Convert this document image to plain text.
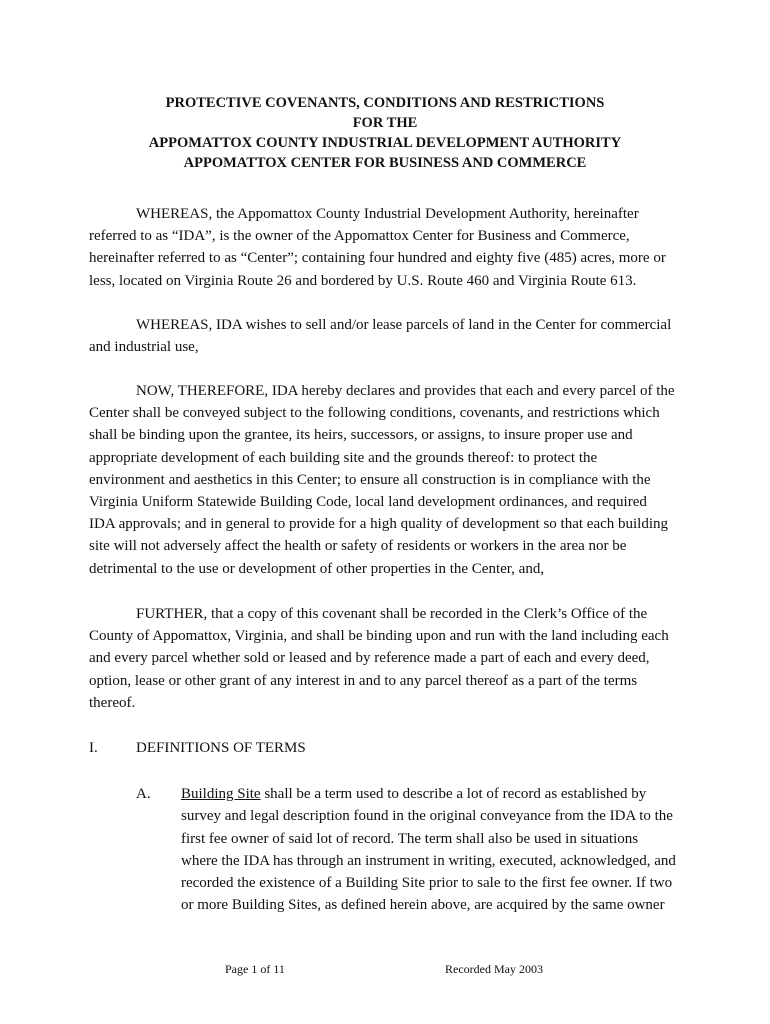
PROTECTIVE COVENANTS, CONDITIONS AND RESTRICTIONS
FOR THE
APPOMATTOX COUNTY INDUSTRIAL DEVELOPMENT AUTHORITY
APPOMATTOX CENTER FOR BUSINESS AND COMMERCE
WHEREAS, the Appomattox County Industrial Development Authority, hereinafter
referred to as “IDA”, is the owner of the Appomattox Center for Business and Commerce,
hereinafter referred to as “Center”; containing four hundred and eighty five (485) acres, more or
less, located on Virginia Route 26 and bordered by U.S. Route 460 and Virginia Route 613.
WHEREAS, IDA wishes to sell and/or lease parcels of land in the Center for commercial
and industrial use,
NOW, THEREFORE, IDA hereby declares and provides that each and every parcel of the
Center shall be conveyed subject to the following conditions, covenants, and restrictions which
shall be binding upon the grantee, its heirs, successors, or assigns, to insure proper use and
appropriate development of each building site and the grounds thereof: to protect the
environment and aesthetics in this Center; to ensure all construction is in compliance with the
Virginia Uniform Statewide Building Code, local land development ordinances, and required
IDA approvals; and in general to provide for a high quality of development so that each building
site will not adversely affect the health or safety of residents or workers in the area nor be
detrimental to the use or development of other properties in the Center, and,
FURTHER, that a copy of this covenant shall be recorded in the Clerk’s Office of the
County of Appomattox, Virginia, and shall be binding upon and run with the land including each
and every parcel whether sold or leased and by reference made a part of each and every deed,
option, lease or other grant of any interest in and to any parcel thereof as a part of the terms
thereof.
I.	DEFINITIONS OF TERMS
A. Building Site shall be a term used to describe a lot of record as established by
survey and legal description found in the original conveyance from the IDA to the
first fee owner of said lot of record. The term shall also be used in situations
where the IDA has through an instrument in writing, executed, acknowledged, and
recorded the existence of a Building Site prior to sale to the first fee owner. If two
or more Building Sites, as defined herein above, are acquired by the same owner
Page 1 of 11	Recorded May 2003
